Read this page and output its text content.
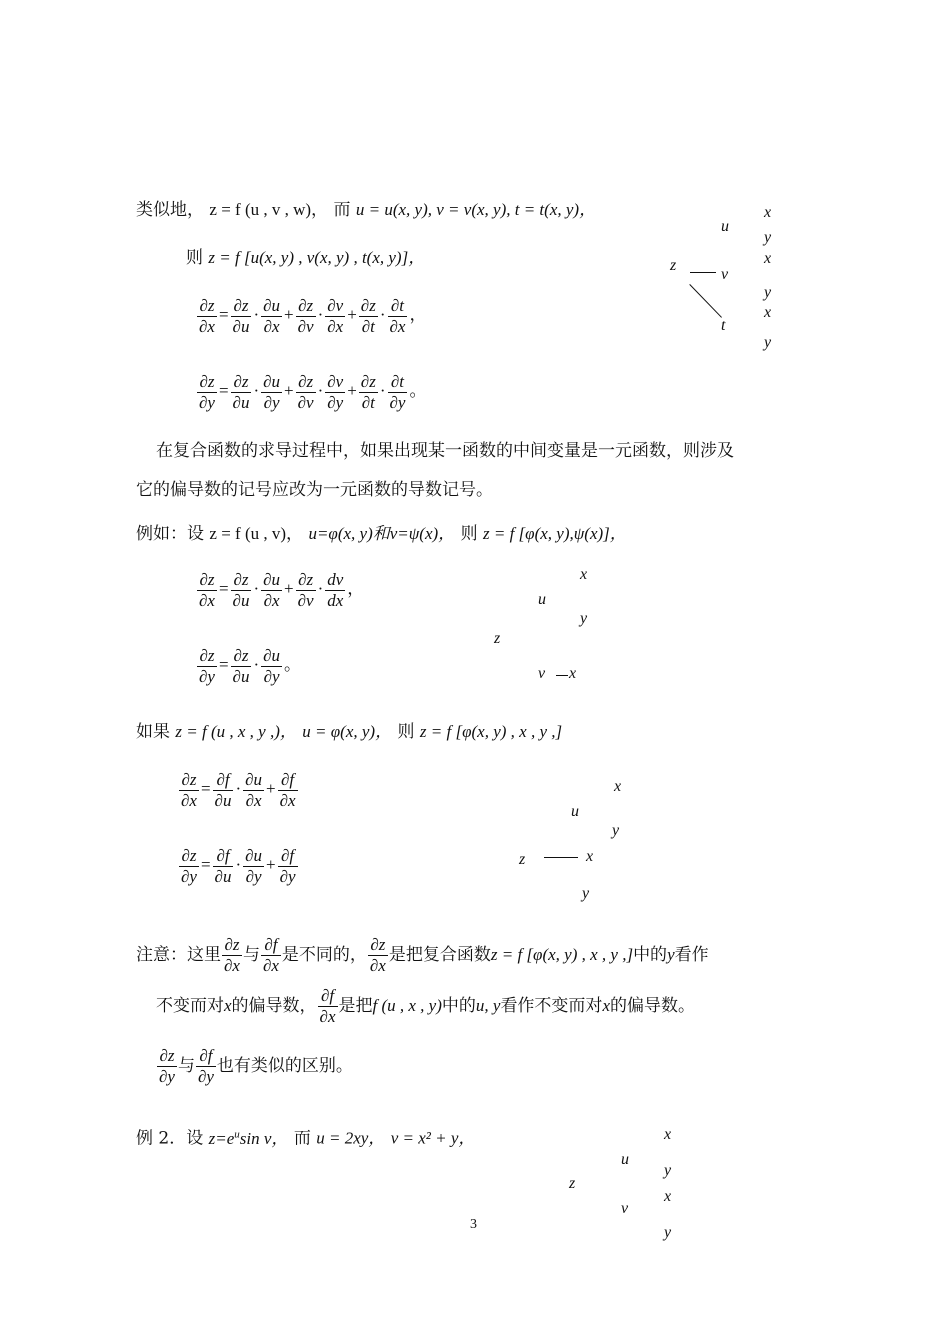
类似地， z = f (u , v , w)， 而 u = u(x, y), v = v(x, y), t = t(x, y)，
则 z = f [u(x, y) , v(x, y) , t(x, y)]，
$\frac{\partial z}{\partial x} = \frac{\partial z}{\partial u} \cdot \frac{\partial u}{\partial x} + \frac{\partial z}{\partial v} \cdot \frac{\partial v}{\partial x} + \frac{\partial z}{\partial t} \cdot \frac{\partial t}{\partial x}$ ，
$\frac{\partial z}{\partial y} = \frac{\partial z}{\partial u} \cdot \frac{\partial u}{\partial y} + \frac{\partial z}{\partial v} \cdot \frac{\partial v}{\partial y} + \frac{\partial z}{\partial t} \cdot \frac{\partial t}{\partial y}$ 。
x
u
y
x
z
v
y
x
t
y
在复合函数的求导过程中，如果出现某一函数的中间变量是一元函数，则涉及
它的偏导数的记号应改为一元函数的导数记号。
例如：设 z = f (u , v)， u=φ(x, y)和v=ψ(x)， 则 z = f [φ(x, y),ψ(x)]，
$\frac{\partial z}{\partial x} = \frac{\partial z}{\partial u} \cdot \frac{\partial u}{\partial x} + \frac{\partial z}{\partial v} \cdot \frac{dv}{dx}$ ，
$\frac{\partial z}{\partial y} = \frac{\partial z}{\partial u} \cdot \frac{\partial u}{\partial y}$ 。
x
u
y
z
v x
如果 z = f (u , x , y ,)， u = φ(x, y)， 则 z = f [φ(x, y) , x , y ,]
$\frac{\partial z}{\partial x} = \frac{\partial f}{\partial u} \cdot \frac{\partial u}{\partial x} + \frac{\partial f}{\partial x}$
$\frac{\partial z}{\partial y} = \frac{\partial f}{\partial u} \cdot \frac{\partial u}{\partial y} + \frac{\partial f}{\partial y}$
x
u
y
z	x
y
注意：这里 $\frac{\partial z}{\partial x}$ 与 $\frac{\partial f}{\partial x}$ 是不同的， $\frac{\partial z}{\partial x}$ 是把复合函数z = f [φ(x, y) , x , y ,]中的y看作
不变而对x的偏导数， $\frac{\partial f}{\partial x}$ 是把f (u , x , y)中的u, y看作不变而对x的偏导数。
$\frac{\partial z}{\partial y}$ 与 $\frac{\partial f}{\partial y}$ 也有类似的区别。
例 2．设 $z=e^u\sin$ v， 而 u = 2xy， v = x² + y，	x
u
y
z
x
v
y
3
